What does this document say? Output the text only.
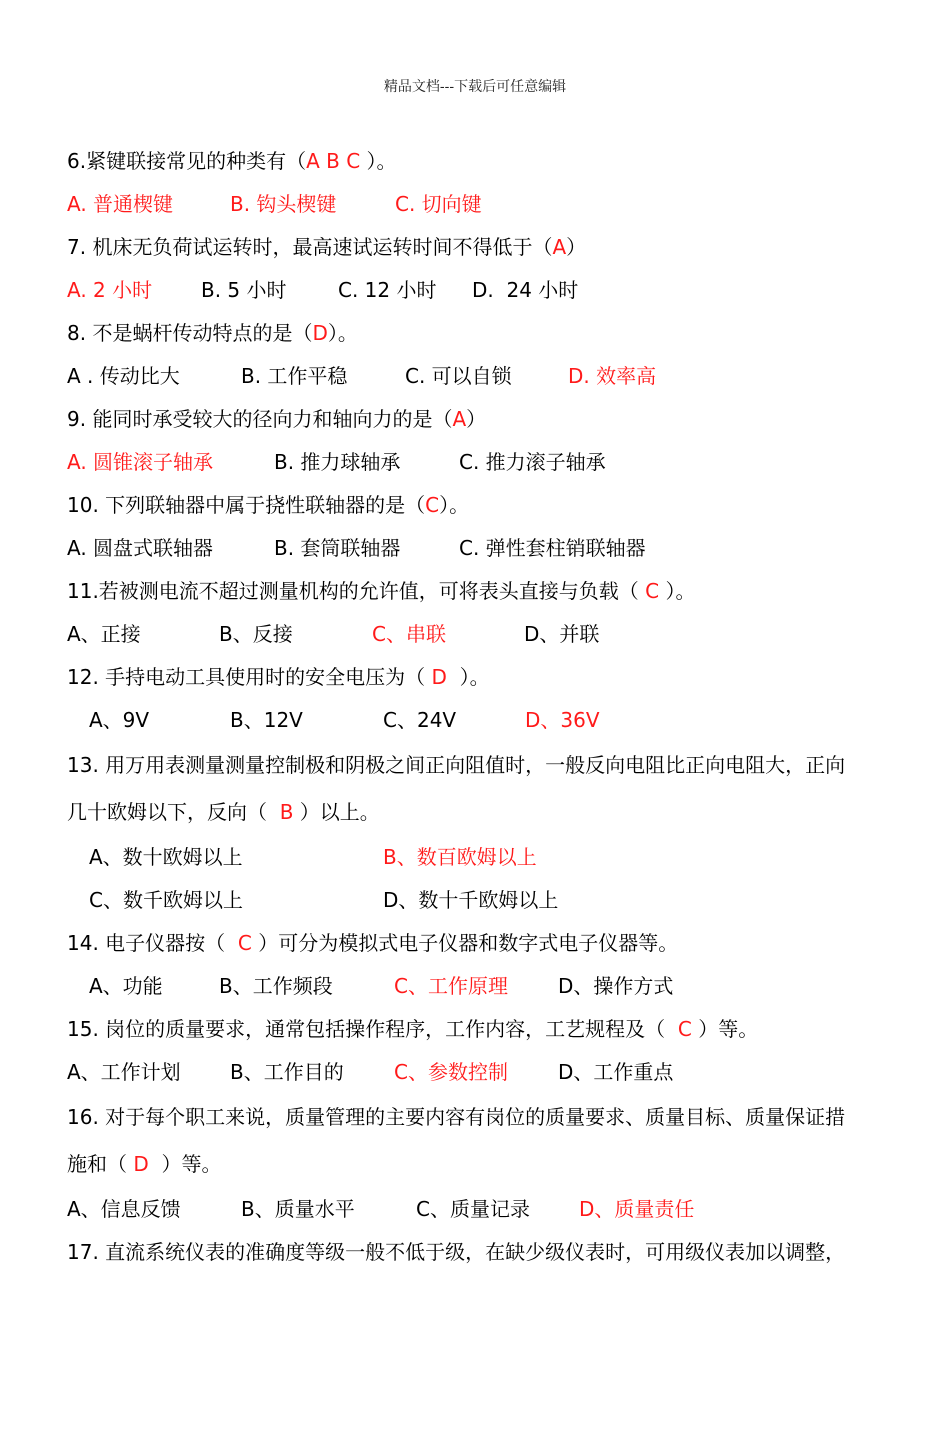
精品文档---下载后可任意编辑
6.紧键联接常见的种类有（A B C ）。

A. 普通楔键

	B. 钩头楔键

	C. 切向键

7. 机床无负荷试运转时，最高速试运转时间不得低于（A）

A. 2 小时

B. 5 小时

	C. 12 小时

D.  24 小时

8. 不是蜗杆传动特点的是（D）。

A . 传动比大

	B. 工作平稳

	C. 可以自锁

	D. 效率高

9. 能同时承受较大的径向力和轴向力的是（A）

A. 圆锥滚子轴承

	B. 推力球轴承

	C. 推力滚子轴承

10. 下列联轴器中属于挠性联轴器的是（C）。

A. 圆盘式联轴器

	B. 套筒联轴器

	C. 弹性套柱销联轴器

11.若被测电流不超过测量机构的允许值，可将表头直接与负载（ C ）。

A、正接

	B、反接

	C、串联

	D、并联

12. 手持电动工具使用时的安全电压为（ D  ）。

A、9V

	B、12V

	C、24V

	D、36V

13. 用万用表测量测量控制极和阴极之间正向阻值时，一般反向电阻比正向电阻大，正向
几十欧姆以下，反向（  B ）以上。

A、数十欧姆以上

	B、数百欧姆以上

C、数千欧姆以上

	D、数十千欧姆以上

14. 电子仪器按（  C ）可分为模拟式电子仪器和数字式电子仪器等。

A、功能

	B、工作频段

	C、工作原理

	D、操作方式

15. 岗位的质量要求，通常包括操作程序，工作内容，工艺规程及（  C ）等。

A、工作计划

B、工作目的

	C、参数控制

	D、工作重点

16. 对于每个职工来说，质量管理的主要内容有岗位的质量要求、质量目标、质量保证措
施和（ D  ）等。

A、信息反馈

	B、质量水平

	C、质量记录

D、质量责任

17. 直流系统仪表的准确度等级一般不低于级，在缺少级仪表时，可用级仪表加以调整，
